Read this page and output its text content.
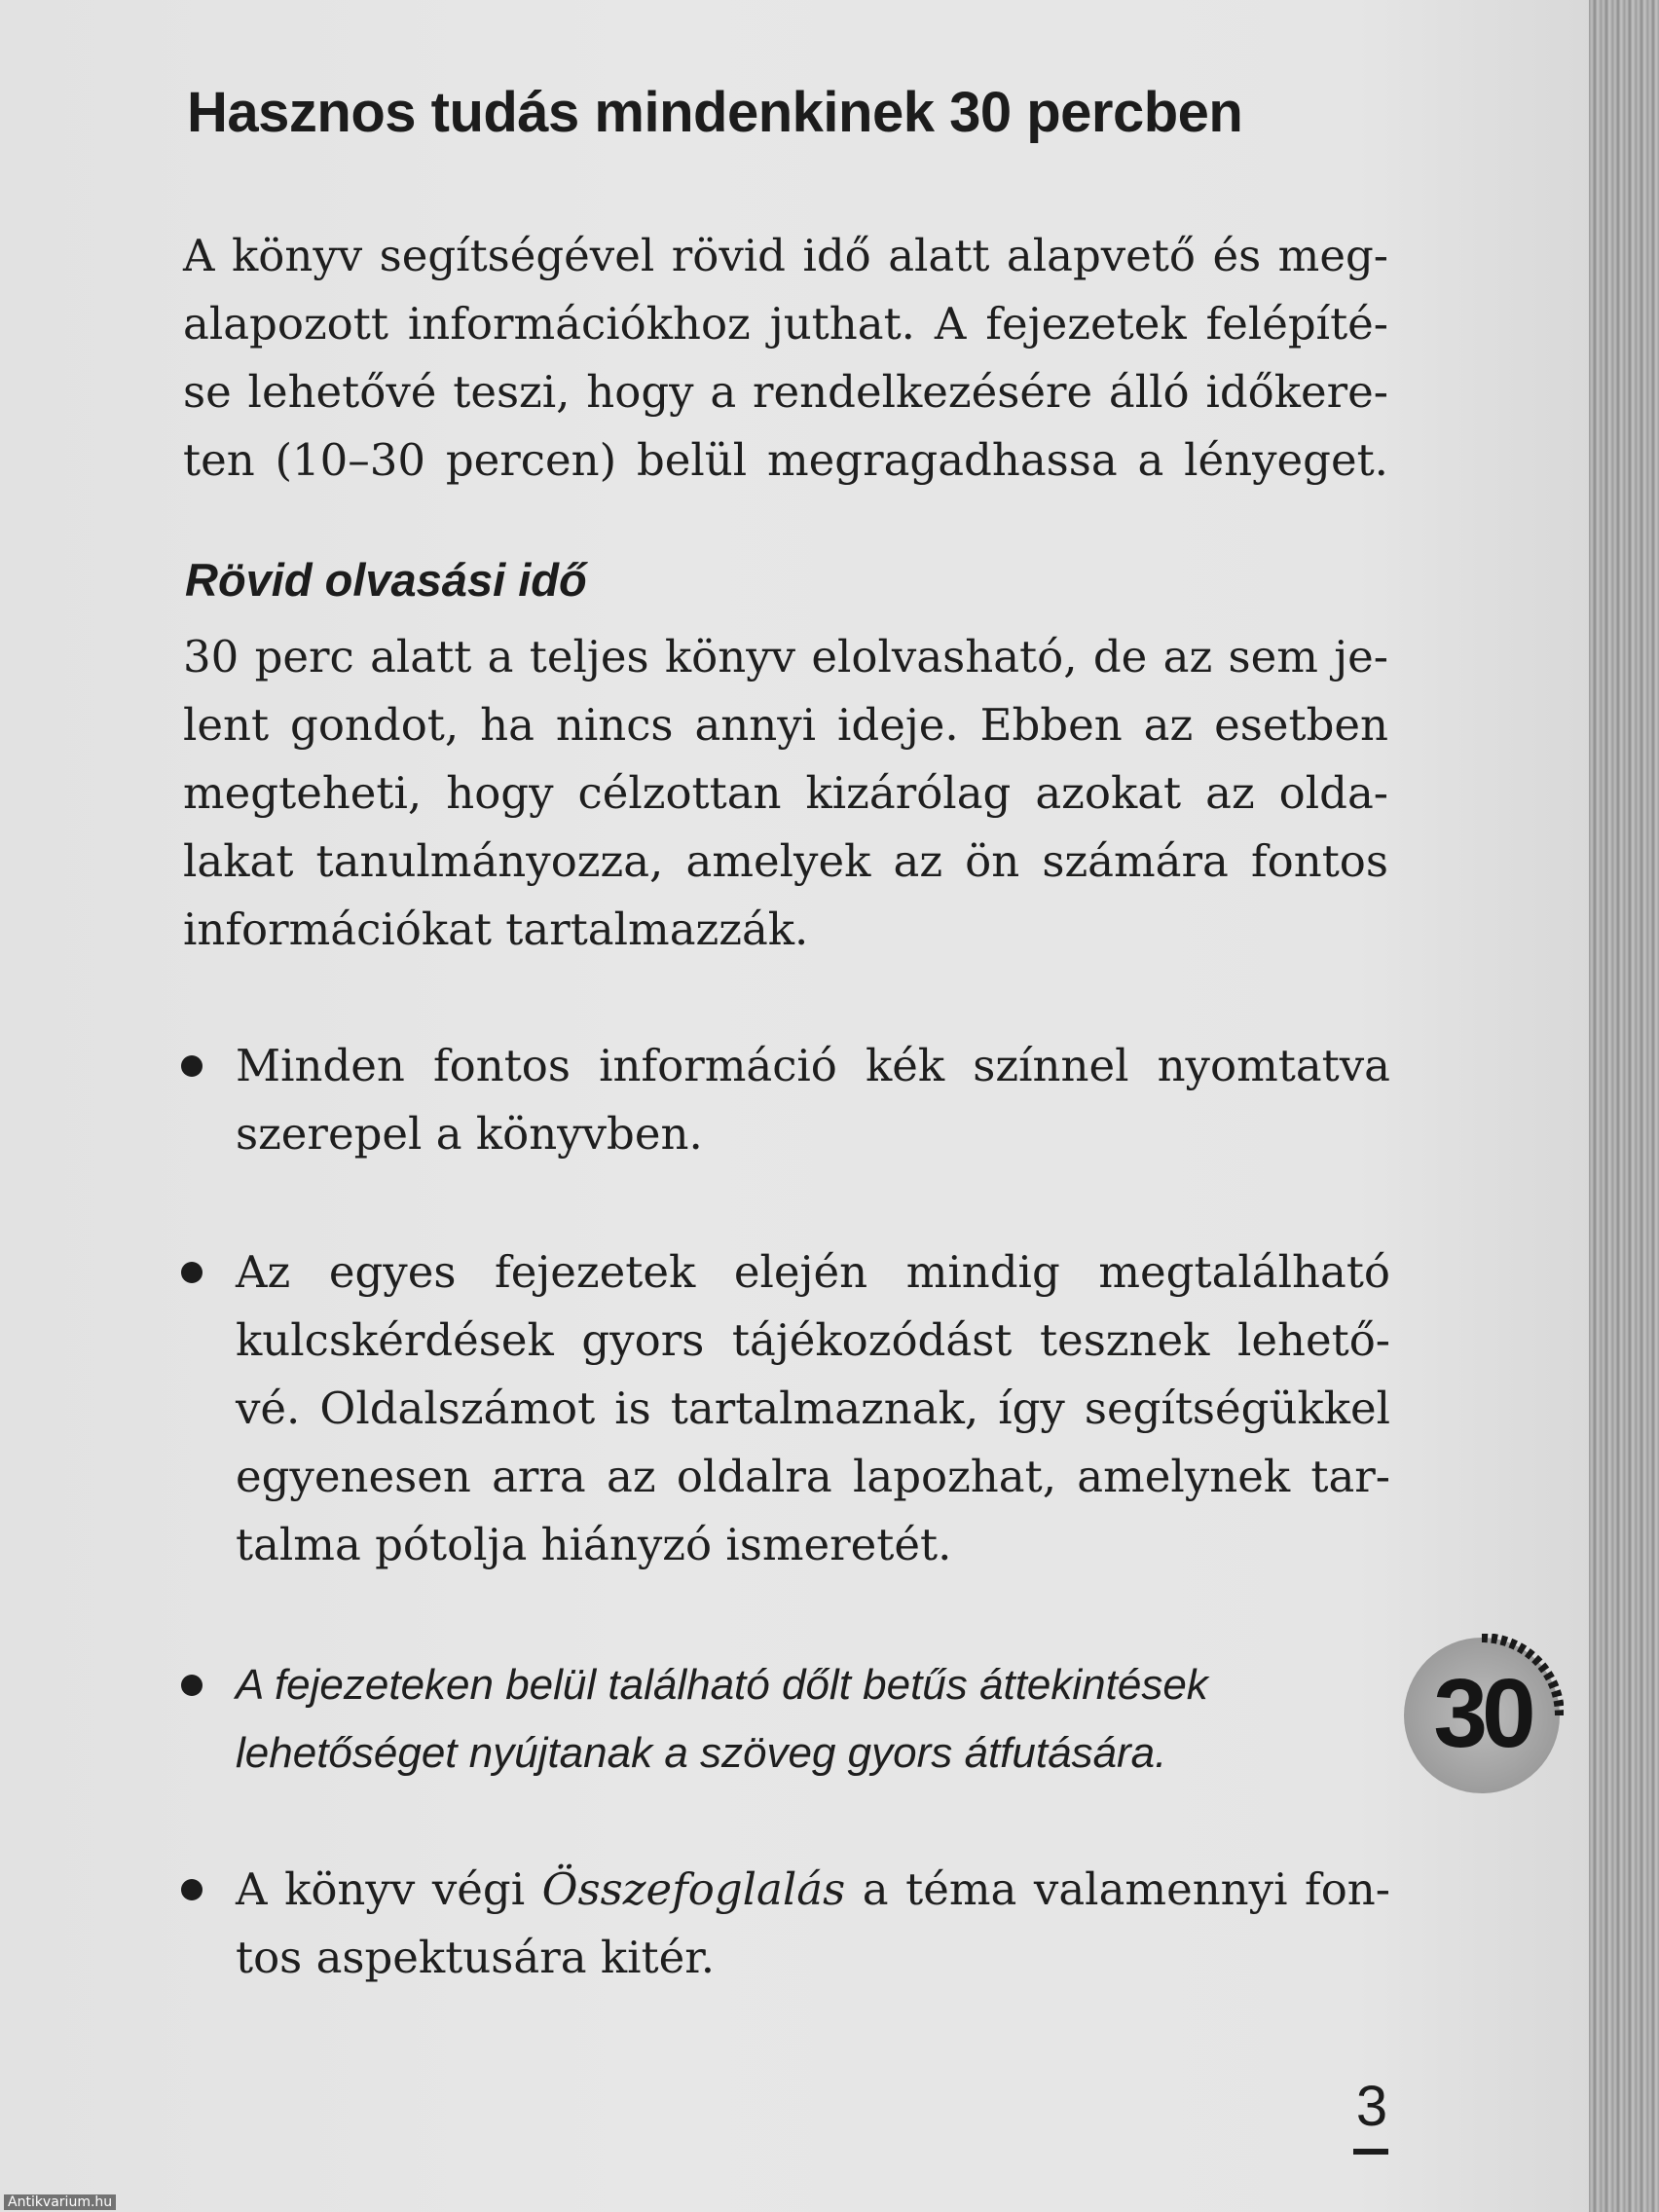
Hasznos tudás mindenkinek 30 percben
A könyv segítségével rövid idő alatt alapvető és meg-
alapozott információkhoz juthat. A fejezetek felépíté-
se lehetővé teszi, hogy a rendelkezésére álló időkere-
ten (10–30 percen) belül megragadhassa a lényeget.
Rövid olvasási idő
30 perc alatt a teljes könyv elolvasható, de az sem je-
lent gondot, ha nincs annyi ideje. Ebben az esetben
megteheti, hogy célzottan kizárólag azokat az olda-
lakat tanulmányozza, amelyek az ön számára fontos
információkat tartalmazzák.
Minden fontos információ kék színnel nyomtatva
szerepel a könyvben.
Az egyes fejezetek elején mindig megtalálható
kulcskérdések gyors tájékozódást tesznek lehető-
vé. Oldalszámot is tartalmaznak, így segítségükkel
egyenesen arra az oldalra lapozhat, amelynek tar-
talma pótolja hiányzó ismeretét.
A fejezeteken belül található dőlt betűs áttekintések
lehetőséget nyújtanak a szöveg gyors átfutására.
A könyv végi Összefoglalás a téma valamennyi fon-
tos aspektusára kitér.
30
3
Antikvarium.hu
